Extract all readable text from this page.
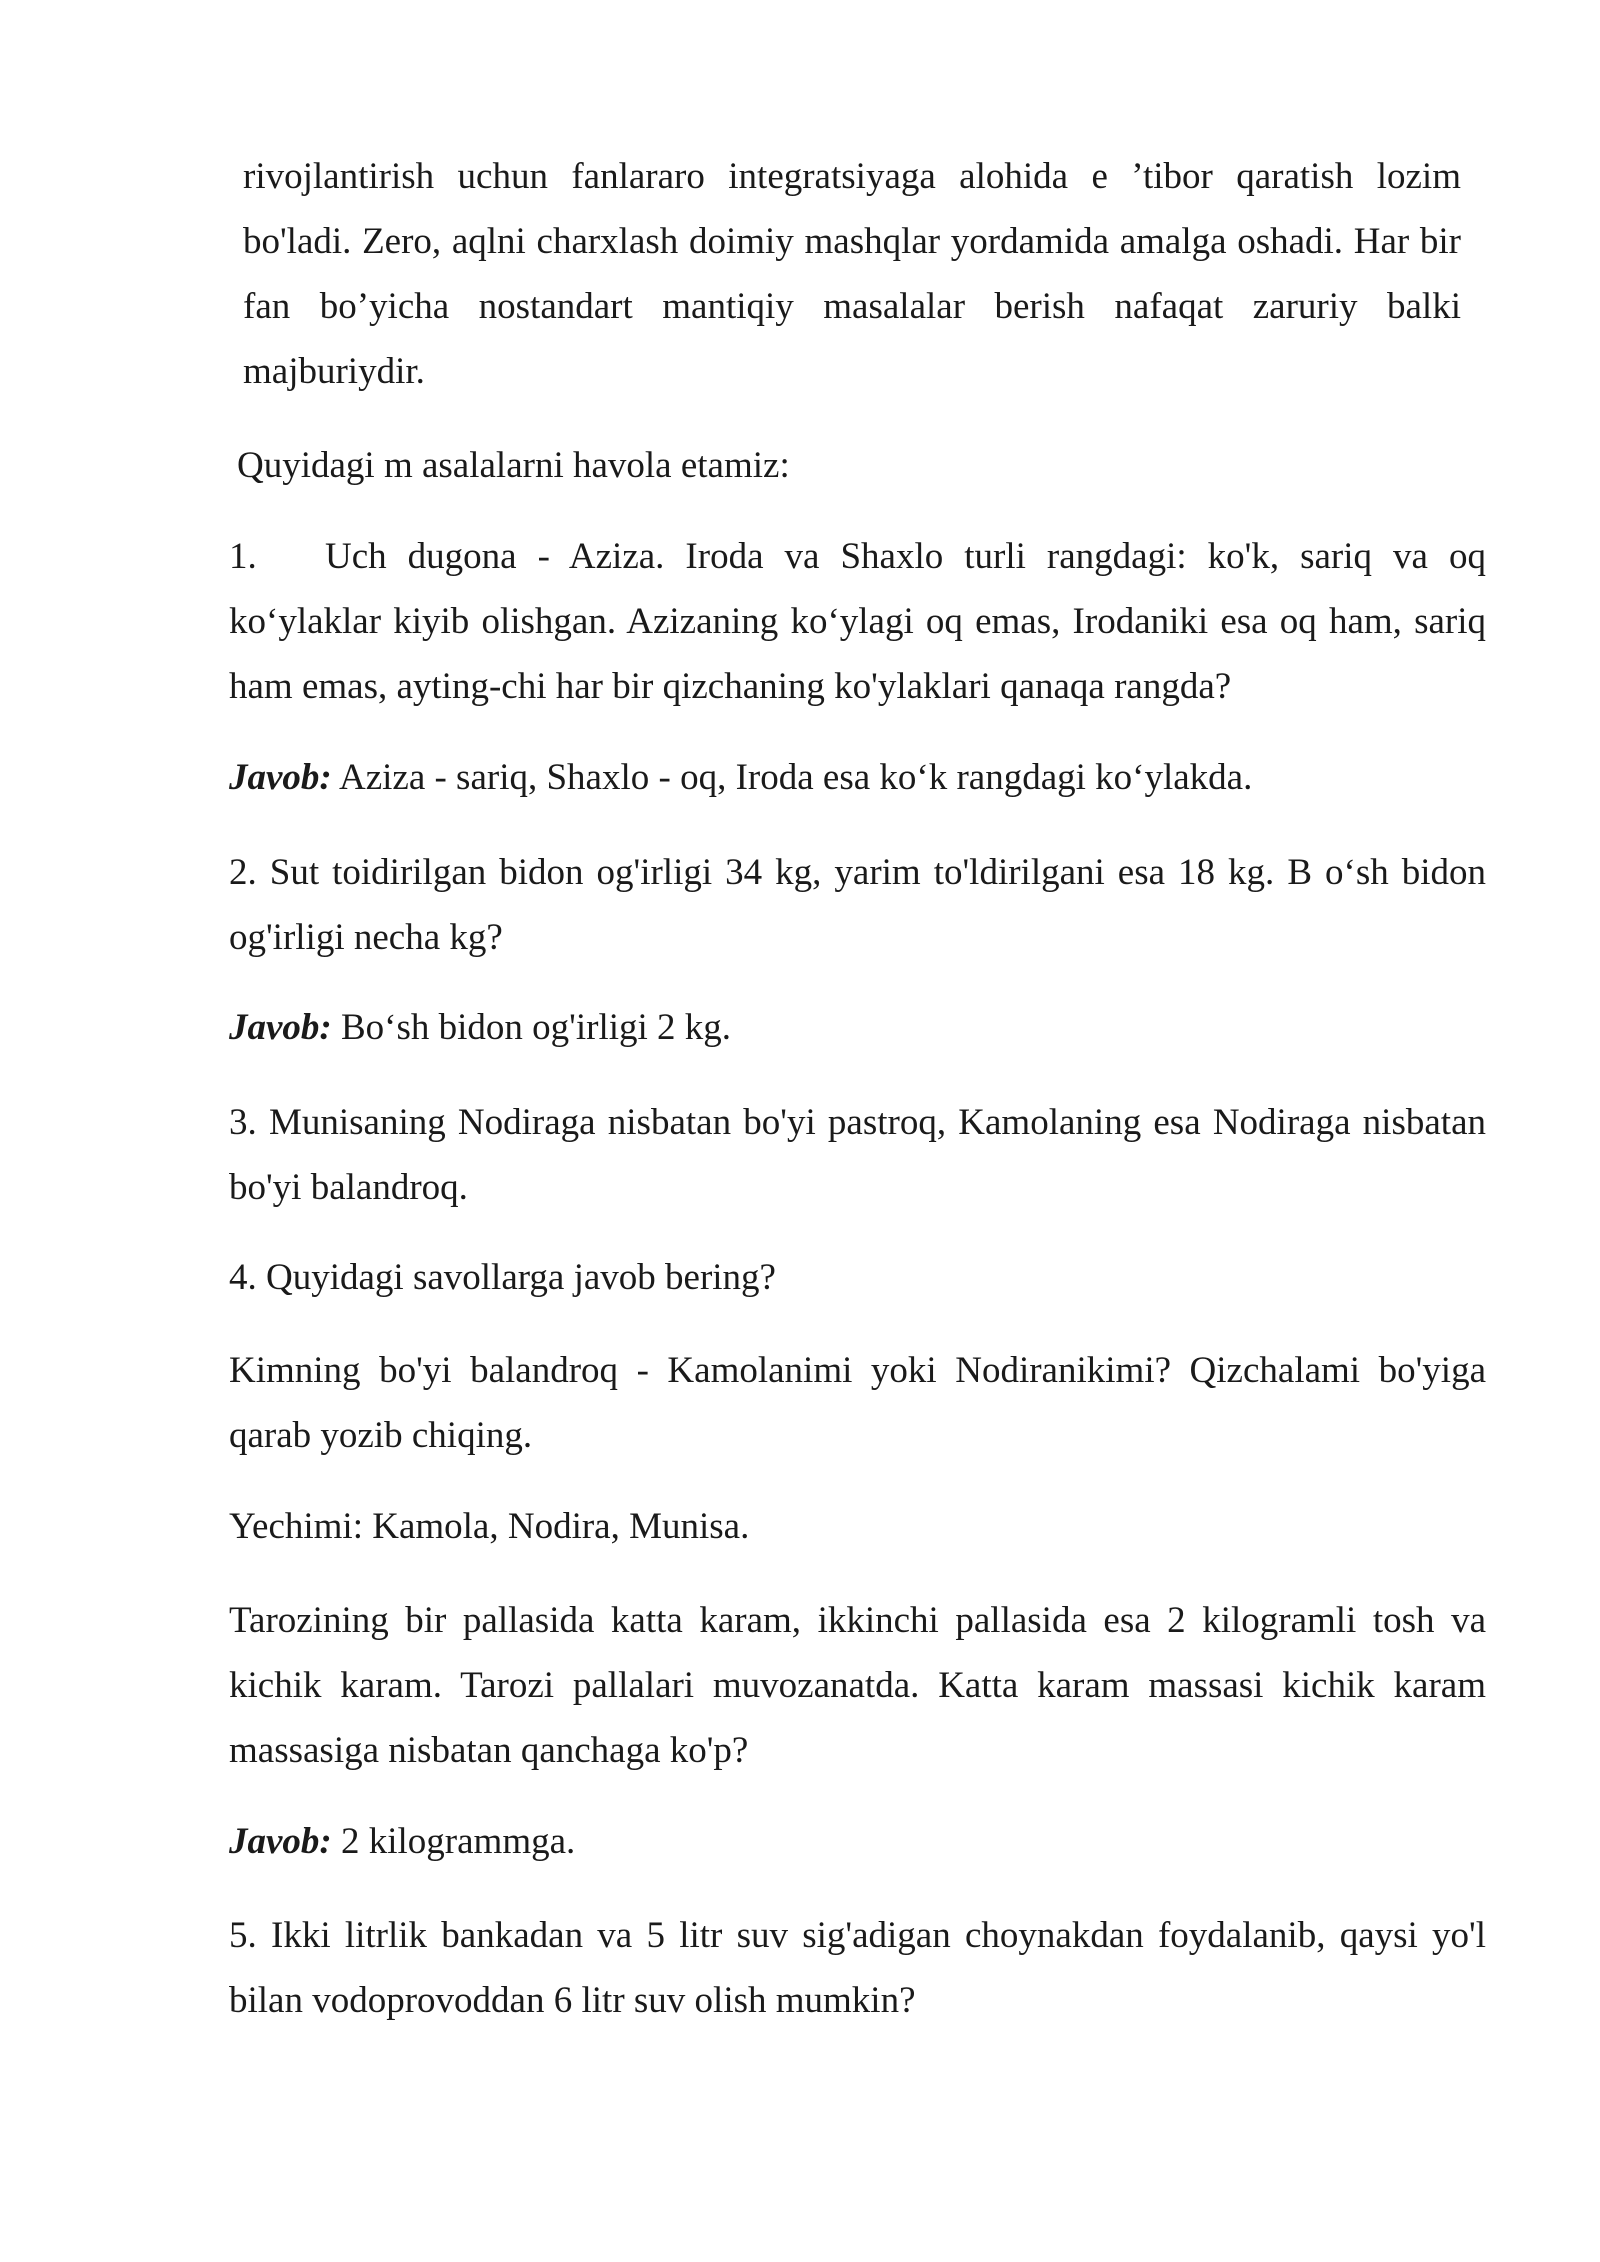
rivojlantirish uchun fanlararo integratsiyaga alohida e ’tibor qaratish lozim bo'ladi. Zero, aqlni charxlash doimiy mashqlar yordamida amalga oshadi. Har bir fan bo’yicha nostandart mantiqiy masalalar berish nafaqat zaruriy balki majburiydir.

Quyidagi m asalalarni havola etamiz:

1. Uch dugona - Aziza. Iroda va Shaxlo turli rangdagi: ko'k, sariq va oq ko‘ylaklar kiyib olishgan. Azizaning ko‘ylagi oq emas, Irodaniki esa oq ham, sariq ham emas, ayting-chi har bir qizchaning ko'ylaklari qanaqa rangda?

Javob: Aziza - sariq, Shaxlo - oq, Iroda esa ko‘k rangdagi ko‘ylakda.

2. Sut toidirilgan bidon og'irligi 34 kg, yarim to'ldirilgani esa 18 kg. B o‘sh bidon og'irligi necha kg?

Javob: Bo‘sh bidon og'irligi 2 kg.

3. Munisaning Nodiraga nisbatan bo'yi pastroq, Kamolaning esa Nodiraga nisbatan bo'yi balandroq.

4. Quyidagi savollarga javob bering?

Kimning bo'yi balandroq - Kamolanimi yoki Nodiranikimi? Qizchalami bo'yiga qarab yozib chiqing.

Yechimi: Kamola, Nodira, Munisa.

Tarozining bir pallasida katta karam, ikkinchi pallasida esa 2 kilogramli tosh va kichik karam. Tarozi pallalari muvozanatda. Katta karam massasi kichik karam massasiga nisbatan qanchaga ko'p?

Javob: 2 kilogrammga.

5. Ikki litrlik bankadan va 5 litr suv sig'adigan choynakdan foydalanib, qaysi yo'l bilan vodoprovoddan 6 litr suv olish mumkin?
